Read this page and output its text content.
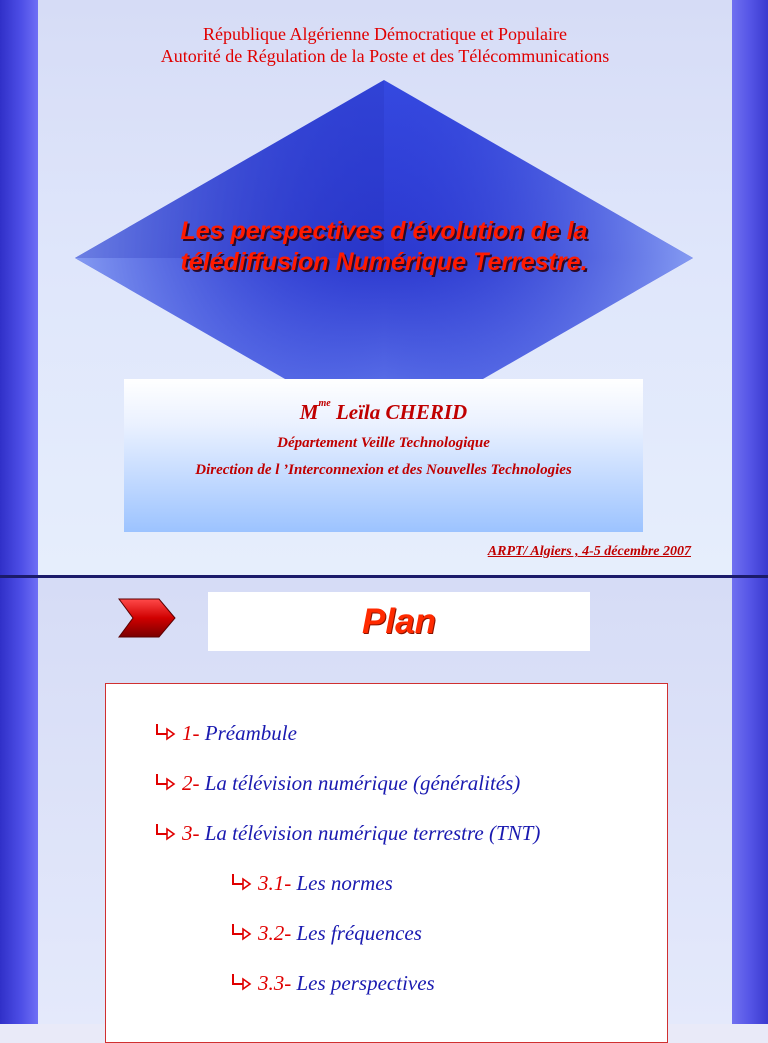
République Algérienne Démocratique et Populaire
Autorité de Régulation de la Poste et des Télécommunications
Les perspectives d’évolution de la
télédiffusion Numérique Terrestre.
$M^{me}$ Leïla CHERID
Département Veille Technologique
Direction de l ’Interconnexion et des Nouvelles Technologies
ARPT/ Algiers , 4-5 décembre 2007
Plan
1- Préambule
2- La télévision numérique (généralités)
3- La télévision numérique terrestre (TNT)
3.1- Les normes
3.2- Les fréquences
3.3- Les perspectives
